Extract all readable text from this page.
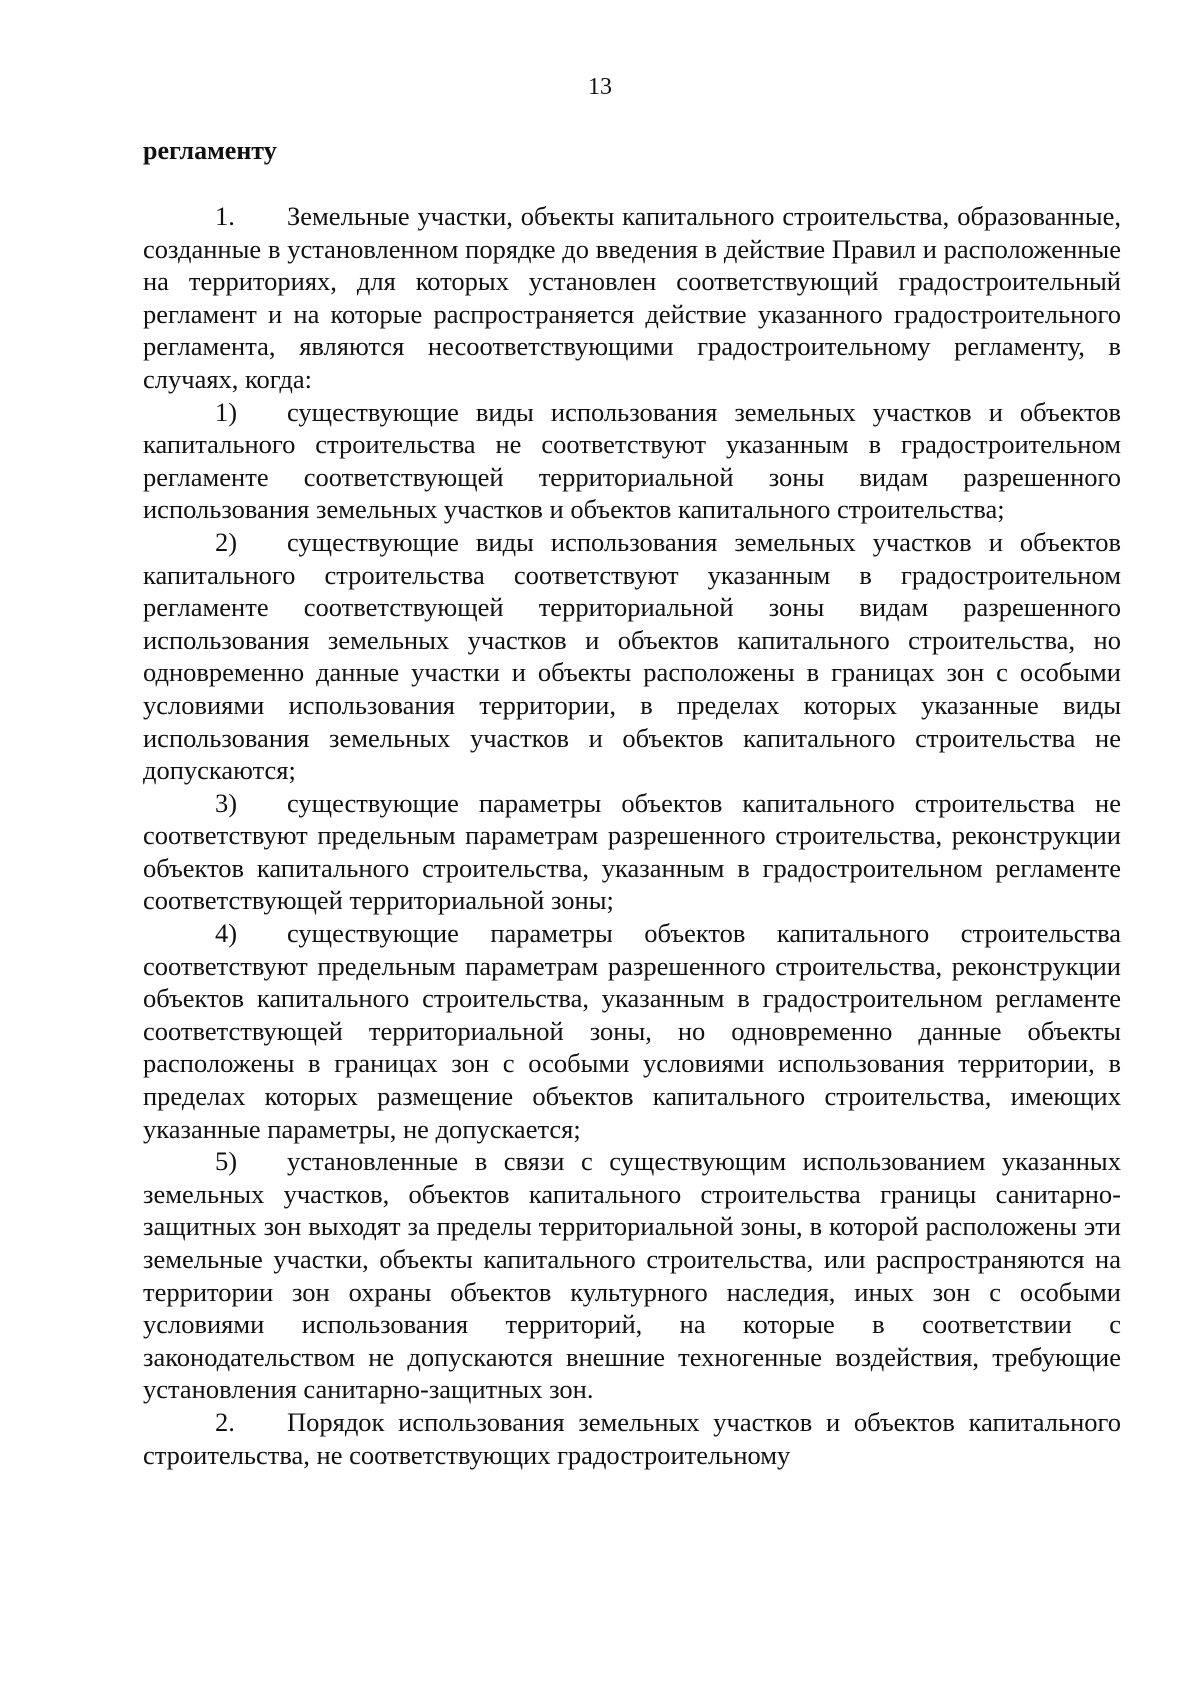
13
регламенту

1. Земельные участки, объекты капитального строительства, образованные, созданные в установленном порядке до введения в действие Правил и расположенные на территориях, для которых установлен соответствующий градостроительный регламент и на которые распространяется действие указанного градостроительного регламента, являются несоответствующими градостроительному регламенту, в случаях, когда:

1) существующие виды использования земельных участков и объектов капитального строительства не соответствуют указанным в градостроительном регламенте соответствующей территориальной зоны видам разрешенного использования земельных участков и объектов капитального строительства;

2) существующие виды использования земельных участков и объектов капитального строительства соответствуют указанным в градостроительном регламенте соответствующей территориальной зоны видам разрешенного использования земельных участков и объектов капитального строительства, но одновременно данные участки и объекты расположены в границах зон с особыми условиями использования территории, в пределах которых указанные виды использования земельных участков и объектов капитального строительства не допускаются;

3) существующие параметры объектов капитального строительства не соответствуют предельным параметрам разрешенного строительства, реконструкции объектов капитального строительства, указанным в градостроительном регламенте соответствующей территориальной зоны;

4) существующие параметры объектов капитального строительства соответствуют предельным параметрам разрешенного строительства, реконструкции объектов капитального строительства, указанным в градостроительном регламенте соответствующей территориальной зоны, но одновременно данные объекты расположены в границах зон с особыми условиями использования территории, в пределах которых размещение объектов капитального строительства, имеющих указанные параметры, не допускается;

5) установленные в связи с существующим использованием указанных земельных участков, объектов капитального строительства границы санитарно-защитных зон выходят за пределы территориальной зоны, в которой расположены эти земельные участки, объекты капитального строительства, или распространяются на территории зон охраны объектов культурного наследия, иных зон с особыми условиями использования территорий, на которые в соответствии с законодательством не допускаются внешние техногенные воздействия, требующие установления санитарно-защитных зон.

2. Порядок использования земельных участков и объектов капитального строительства, не соответствующих градостроительному
